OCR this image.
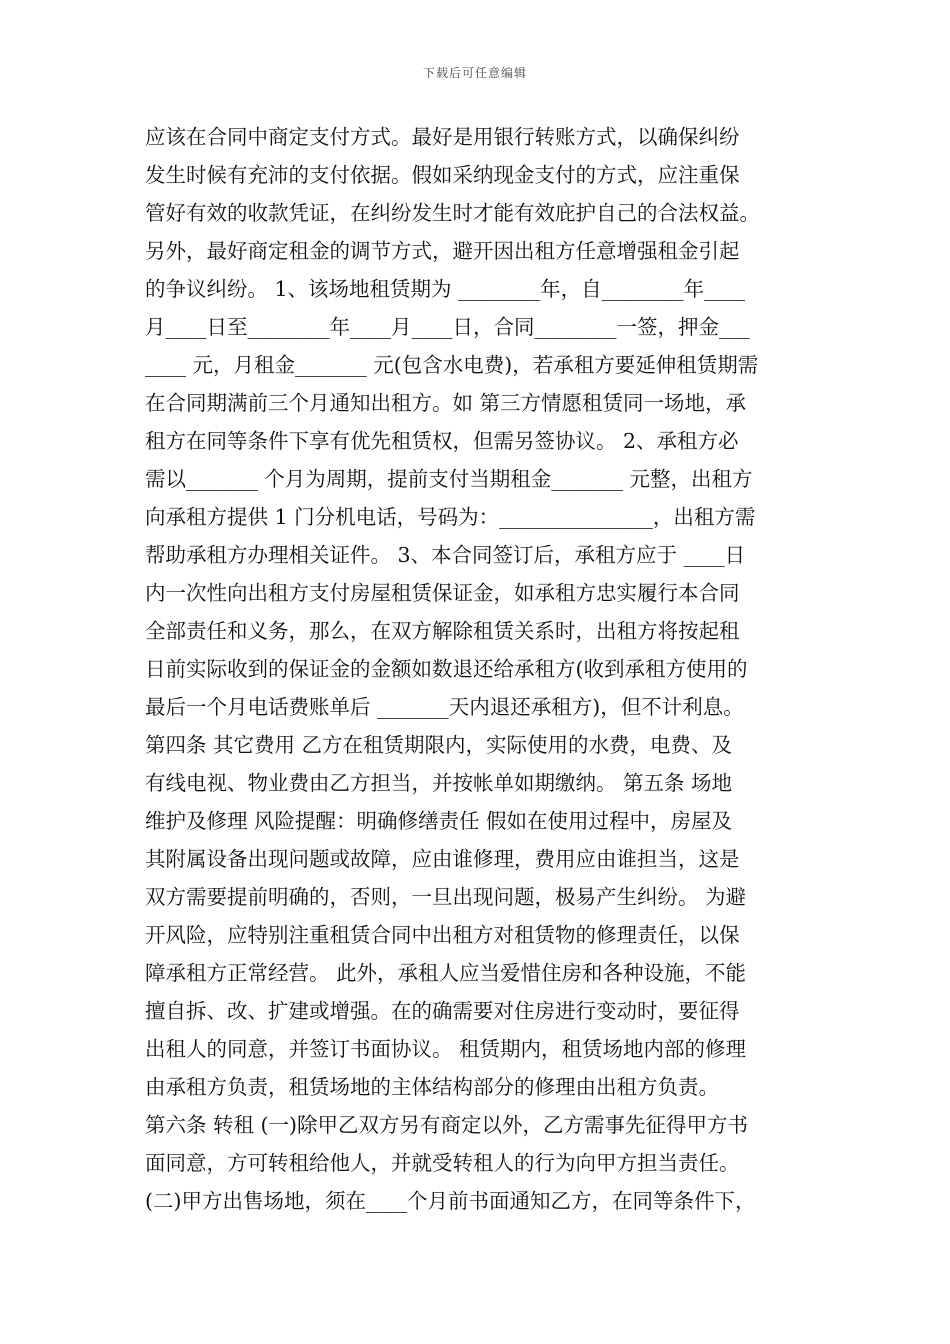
下载后可任意编辑
应该在合同中商定支付方式。最好是用银行转账方式，以确保纠纷
发生时候有充沛的支付依据。假如采纳现金支付的方式，应注重保
管好有效的收款凭证，在纠纷发生时才能有效庇护自己的合法权益。
另外，最好商定租金的调节方式，避开因出租方任意增强租金引起
的争议纠纷。 1、该场地租赁期为 ________年，自________年____
月____日至________年____月____日，合同________一签，押金___
____ 元，月租金_______ 元(包含水电费)，若承租方要延伸租赁期需
在合同期满前三个月通知出租方。如 第三方情愿租赁同一场地，承
租方在同等条件下享有优先租赁权，但需另签协议。 2、承租方必
需以_______ 个月为周期，提前支付当期租金_______ 元整，出租方
向承租方提供 1 门分机电话，号码为：_______________，出租方需
帮助承租方办理相关证件。 3、本合同签订后，承租方应于 ____日
内一次性向出租方支付房屋租赁保证金，如承租方忠实履行本合同
全部责任和义务，那么，在双方解除租赁关系时，出租方将按起租
日前实际收到的保证金的金额如数退还给承租方(收到承租方使用的
最后一个月电话费账单后 _______天内退还承租方)，但不计利息。
第四条 其它费用 乙方在租赁期限内，实际使用的水费，电费、及
有线电视、物业费由乙方担当，并按帐单如期缴纳。 第五条 场地
维护及修理 风险提醒：明确修缮责任 假如在使用过程中，房屋及
其附属设备出现问题或故障，应由谁修理，费用应由谁担当，这是
双方需要提前明确的，否则，一旦出现问题，极易产生纠纷。 为避
开风险，应特别注重租赁合同中出租方对租赁物的修理责任，以保
障承租方正常经营。 此外，承租人应当爱惜住房和各种设施，不能
擅自拆、改、扩建或增强。在的确需要对住房进行变动时，要征得
出租人的同意，并签订书面协议。 租赁期内，租赁场地内部的修理
由承租方负责，租赁场地的主体结构部分的修理由出租方负责。
第六条 转租 (一)除甲乙双方另有商定以外，乙方需事先征得甲方书
面同意，方可转租给他人，并就受转租人的行为向甲方担当责任。
(二)甲方出售场地，须在____个月前书面通知乙方，在同等条件下，
